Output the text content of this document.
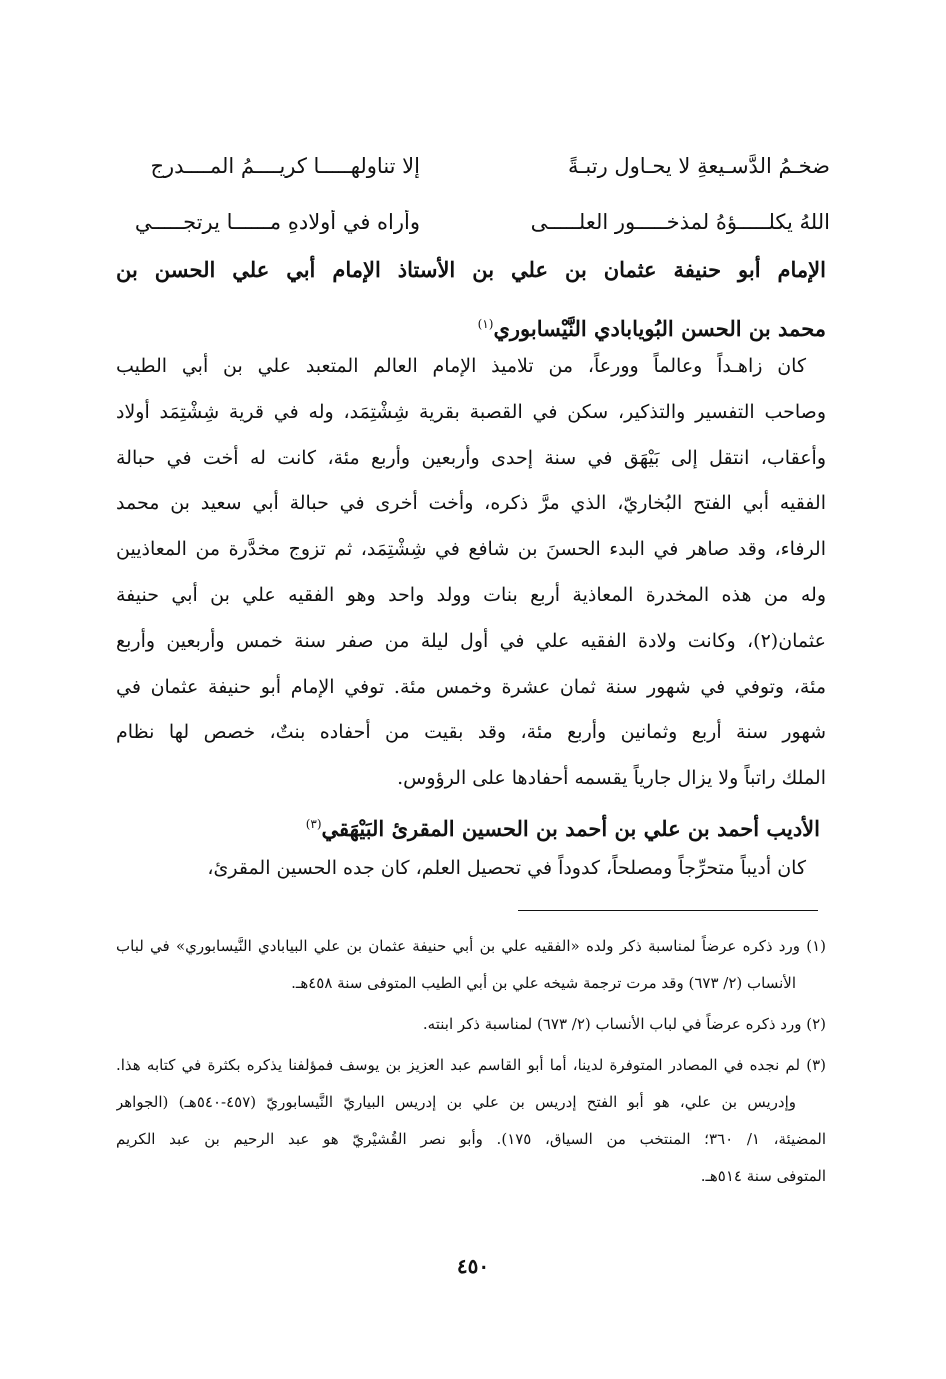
ضخـمُ الدَّسـيعةِ لا يحـاول رتبـةً
إلا تناولهـــــا كريــــمُ المــــدرج
اللهُ يكلـــــؤهُ لمذخـــــورِ العلـــــى
وأراه في أولادهِ مــــــا يرتجـــــي
الإمام أبو حنيفة عثمان بن علي بن الأستاذ الإمام أبي علي الحسن بن
محمد بن الحسن البُويابادي النَّيْسابوري$^{(١)}$
كان زاهـداً وعالماً وورعاً، من تلاميذ الإمام العالم المتعبد علي بن أبي الطيب
وصاحب التفسير والتذكير، سكن في القصبة بقرية شِشْتِمَد، وله في قرية شِشْتِمَد أولاد
وأعقاب، انتقل إلى بَيْهَق في سنة إحدى وأربعين وأربع مئة، كانت له أخت في حبالة
الفقيه أبي الفتح البُخاريّ، الذي مرَّ ذكره، وأخت أخرى في حبالة أبي سعيد بن محمد
الرفاء، وقد صاهر في البدء الحسنَ بن شافع في شِشْتِمَد، ثم تزوج مخدَّرة من المعاذيين
وله من هذه المخدرة المعاذية أربع بنات وولد واحد وهو الفقيه علي بن أبي حنيفة
عثمان(٢)، وكانت ولادة الفقيه علي في أول ليلة من صفر سنة خمس وأربعين وأربع
مئة، وتوفي في شهور سنة ثمان عشرة وخمس مئة. توفي الإمام أبو حنيفة عثمان في
شهور سنة أربع وثمانين وأربع مئة، وقد بقيت من أحفاده بنتٌ، خصص لها نظام
الملك راتباً ولا يزال جارياً يقسمه أحفادها على الرؤوس.
الأديب أحمد بن علي بن أحمد بن الحسين المقرئ البَيْهَقي$^{(٣)}$
كان أديباً متحرِّجاً ومصلحاً، كدوداً في تحصيل العلم، كان جده الحسين المقرئ،
(١) ورد ذكره عرضاً لمناسبة ذكر ولده «الفقيه علي بن أبي حنيفة عثمان بن علي البيابادي النَّيسابوري» في لباب
الأنساب (٢/ ٦٧٣) وقد مرت ترجمة شيخه علي بن أبي الطيب المتوفى سنة ٤٥٨هـ.
(٢) ورد ذكره عرضاً في لباب الأنساب (٢/ ٦٧٣) لمناسبة ذكر ابنته.
(٣) لم نجده في المصادر المتوفرة لدينا، أما أبو القاسم عبد العزيز بن يوسف فمؤلفنا يذكره بكثرة في كتابه هذا.
وإدريس بن علي، هو أبو الفتح إدريس بن علي بن إدريس البياريّ النَّيسابوريّ (٤٥٧-٥٤٠هـ) (الجواهر
المضيئة، ١/ ٣٦٠؛ المنتخب من السياق، ١٧٥). وأبو نصر القُشيْريّ هو عبد الرحيم بن عبد الكريم
المتوفى سنة ٥١٤هـ.
٤٥٠
